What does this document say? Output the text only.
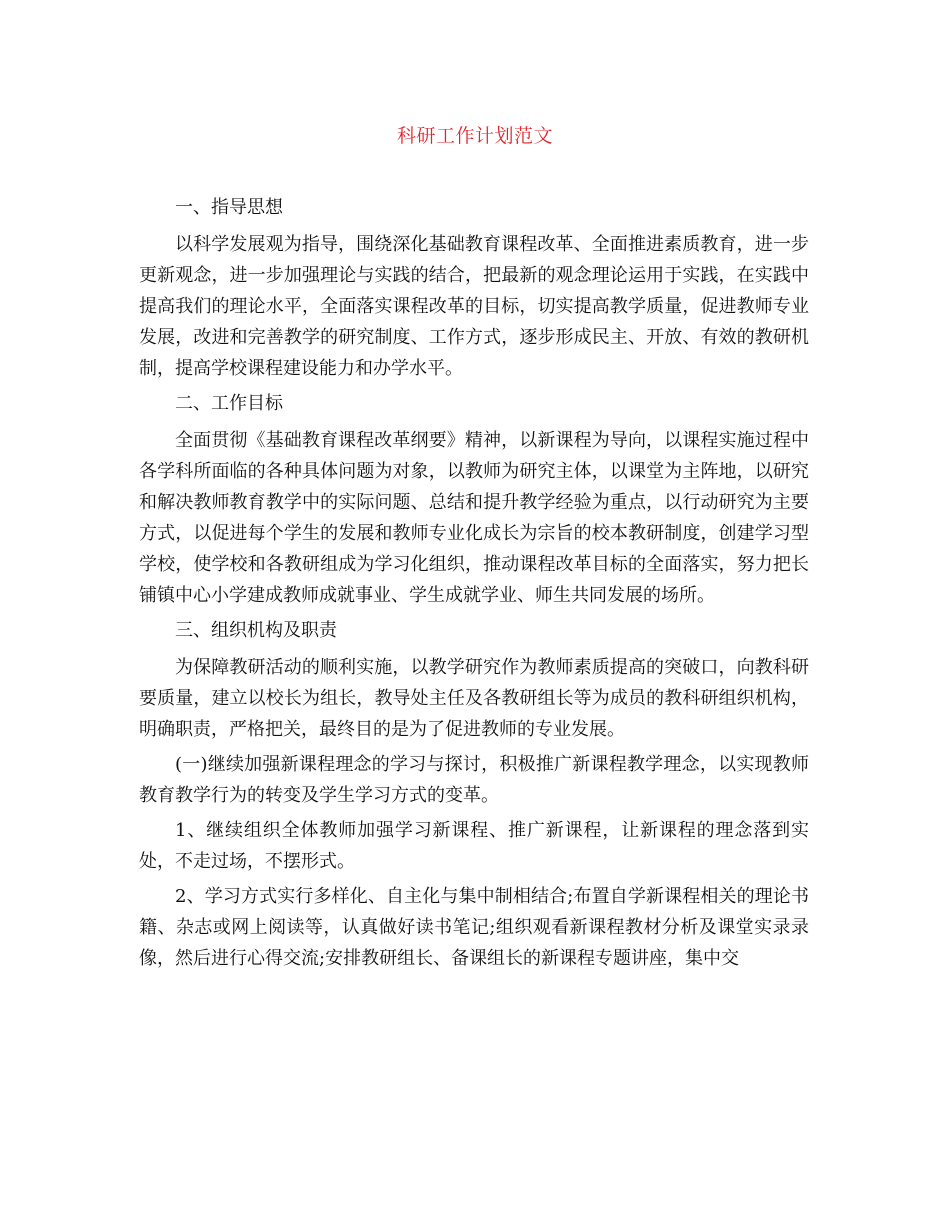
科研工作计划范文

一、指导思想

以科学发展观为指导，围绕深化基础教育课程改革、全面推进素质教育，进一步更新观念，进一步加强理论与实践的结合，把最新的观念理论运用于实践，在实践中提高我们的理论水平，全面落实课程改革的目标，切实提高教学质量，促进教师专业发展，改进和完善教学的研究制度、工作方式，逐步形成民主、开放、有效的教研机制，提高学校课程建设能力和办学水平。

二、工作目标

全面贯彻《基础教育课程改革纲要》精神，以新课程为导向，以课程实施过程中各学科所面临的各种具体问题为对象，以教师为研究主体，以课堂为主阵地，以研究和解决教师教育教学中的实际问题、总结和提升教学经验为重点，以行动研究为主要方式，以促进每个学生的发展和教师专业化成长为宗旨的校本教研制度，创建学习型学校，使学校和各教研组成为学习化组织，推动课程改革目标的全面落实，努力把长铺镇中心小学建成教师成就事业、学生成就学业、师生共同发展的场所。

三、组织机构及职责

为保障教研活动的顺利实施，以教学研究作为教师素质提高的突破口，向教科研要质量，建立以校长为组长，教导处主任及各教研组长等为成员的教科研组织机构，明确职责，严格把关，最终目的是为了促进教师的专业发展。

(一)继续加强新课程理念的学习与探讨，积极推广新课程教学理念，以实现教师教育教学行为的转变及学生学习方式的变革。

1、继续组织全体教师加强学习新课程、推广新课程，让新课程的理念落到实处，不走过场，不摆形式。

2、学习方式实行多样化、自主化与集中制相结合;布置自学新课程相关的理论书籍、杂志或网上阅读等，认真做好读书笔记;组织观看新课程教材分析及课堂实录录像，然后进行心得交流;安排教研组长、备课组长的新课程专题讲座，集中交
